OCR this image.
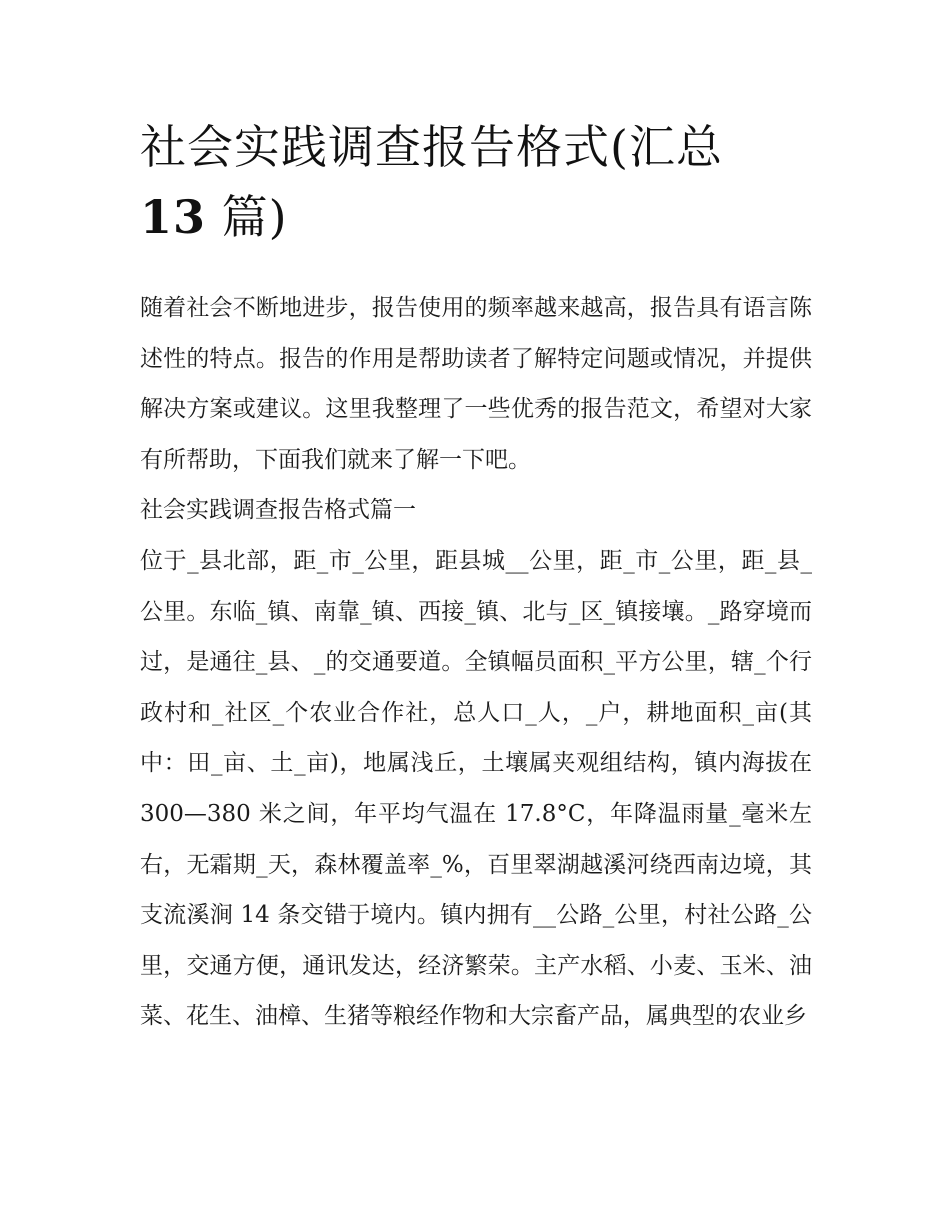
社会实践调查报告格式(汇总
13 篇)

随着社会不断地进步，报告使用的频率越来越高，报告具有语言陈述性的特点。报告的作用是帮助读者了解特定问题或情况，并提供解决方案或建议。这里我整理了一些优秀的报告范文，希望对大家有所帮助，下面我们就来了解一下吧。

社会实践调查报告格式篇一

位于_县北部，距_市_公里，距县城__公里，距_市_公里，距_县_公里。东临_镇、南靠_镇、西接_镇、北与_区_镇接壤。_路穿境而过，是通往_县、_的交通要道。全镇幅员面积_平方公里，辖_个行政村和_社区_个农业合作社，总人口_人，_户，耕地面积_亩(其中：田_亩、土_亩)，地属浅丘，土壤属夹观组结构，镇内海拔在 300—380 米之间，年平均气温在 17.8°C，年降温雨量_毫米左右，无霜期_天，森林覆盖率_%，百里翠湖越溪河绕西南边境，其支流溪涧 14 条交错于境内。镇内拥有__公路_公里，村社公路_公里，交通方便，通讯发达，经济繁荣。主产水稻、小麦、玉米、油菜、花生、油樟、生猪等粮经作物和大宗畜产品，属典型的农业乡
